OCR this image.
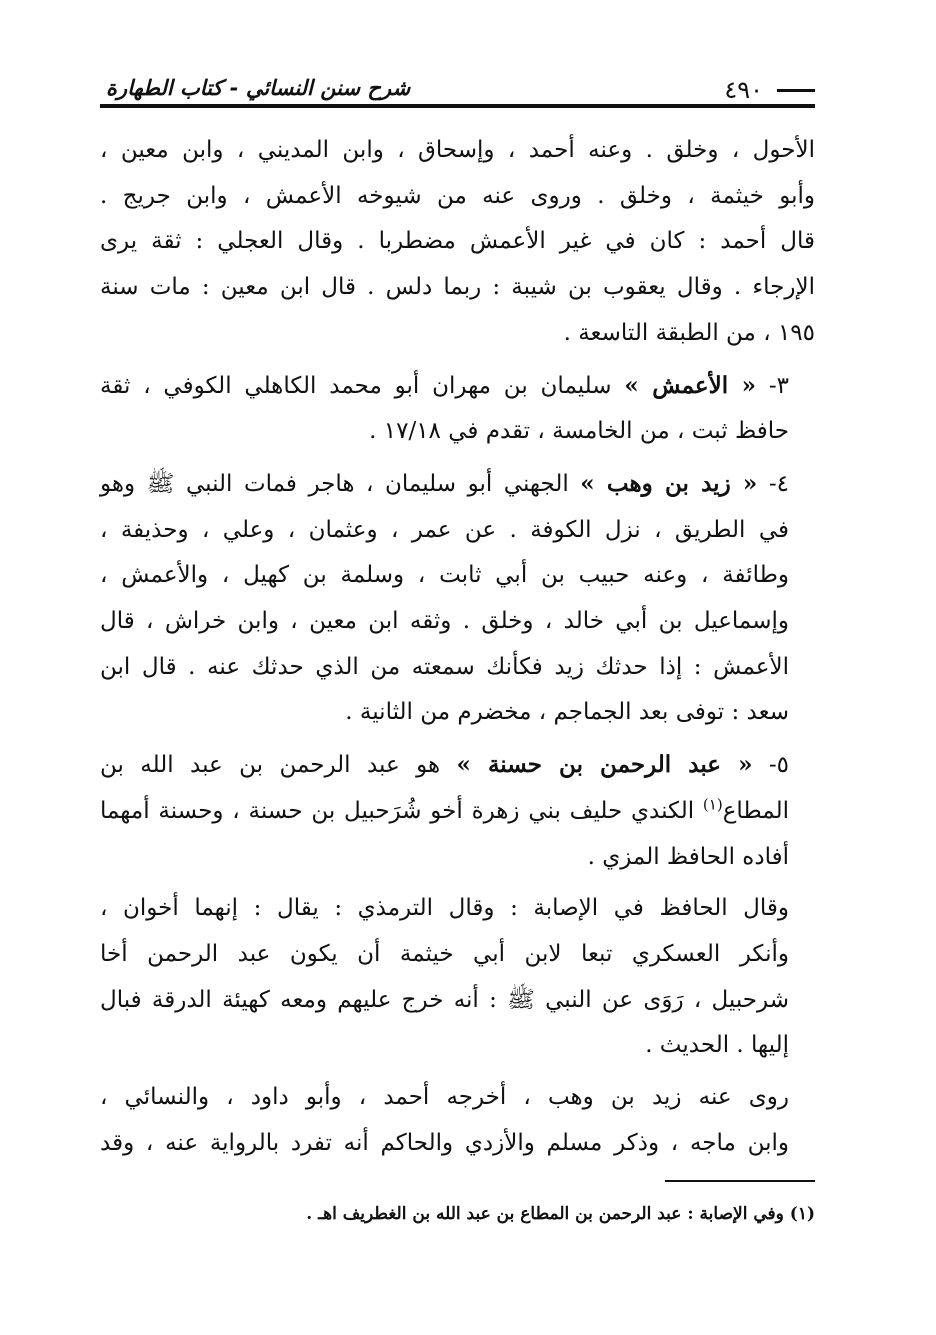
شرح سنن النسائي - كتاب الطهارة	٤٩٠

الأحول ، وخلق . وعنه أحمد ، وإسحاق ، وابن المديني ، وابن معين ،
وأبو خيثمة ، وخلق . وروى عنه من شيوخه الأعمش ، وابن جريج .
قال أحمد : كان في غير الأعمش مضطربا . وقال العجلي : ثقة يرى
الإرجاء . وقال يعقوب بن شيبة : ربما دلس . قال ابن معين : مات سنة
١٩٥ ، من الطبقة التاسعة .

٣- « الأعمش » سليمان بن مهران أبو محمد الكاهلي الكوفي ، ثقة
حافظ ثبت ، من الخامسة ، تقدم في ١٧/١٨ .

٤- « زيد بن وهب » الجهني أبو سليمان ، هاجر فمات النبي ﷺ وهو
في الطريق ، نزل الكوفة . عن عمر ، وعثمان ، وعلي ، وحذيفة ،
وطائفة ، وعنه حبيب بن أبي ثابت ، وسلمة بن كهيل ، والأعمش ،
وإسماعيل بن أبي خالد ، وخلق . وثقه ابن معين ، وابن خراش ، قال
الأعمش : إذا حدثك زيد فكأنك سمعته من الذي حدثك عنه . قال ابن
سعد : توفى بعد الجماجم ، مخضرم من الثانية .

٥- « عبد الرحمن بن حسنة » هو عبد الرحمن بن عبد الله بن
المطاع$^{(١)}$ الكندي حليف بني زهرة أخو شُرَحبيل بن حسنة ، وحسنة أمهما
أفاده الحافظ المزي .

وقال الحافظ في الإصابة : وقال الترمذي : يقال : إنهما أخوان ،
وأنكر العسكري تبعا لابن أبي خيثمة أن يكون عبد الرحمن أخا
شرحبيل ، رَوَى عن النبي ﷺ : أنه خرج عليهم ومعه كهيئة الدرقة فبال
إليها . الحديث .

روى عنه زيد بن وهب ، أخرجه أحمد ، وأبو داود ، والنسائي ،
وابن ماجه ، وذكر مسلم والأزدي والحاكم أنه تفرد بالرواية عنه ، وقد

(١) وفي الإصابة : عبد الرحمن بن المطاع بن عبد الله بن الغطريف اهـ .
